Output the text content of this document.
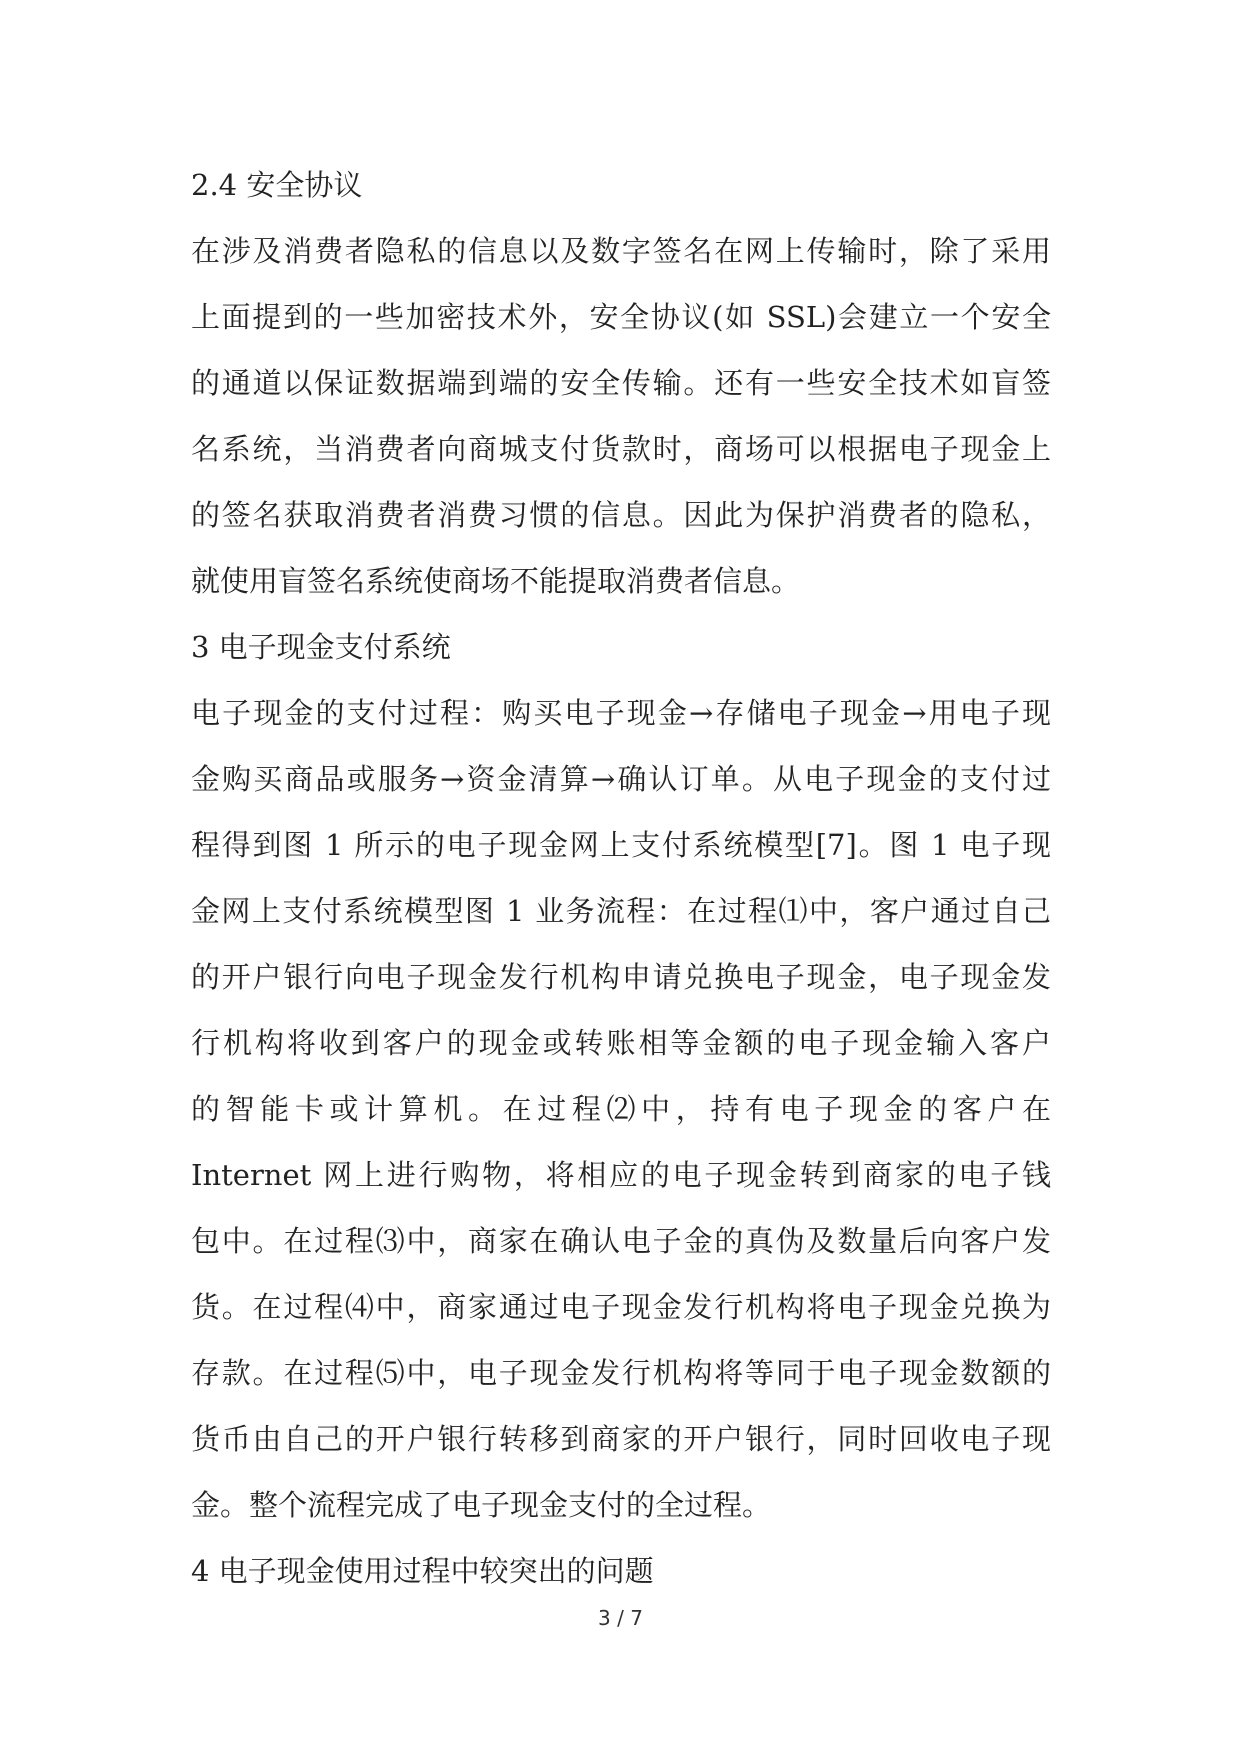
2.4 安全协议
在涉及消费者隐私的信息以及数字签名在网上传输时，除了采用
上面提到的一些加密技术外，安全协议(如 SSL)会建立一个安全
的通道以保证数据端到端的安全传输。还有一些安全技术如盲签
名系统，当消费者向商城支付货款时，商场可以根据电子现金上
的签名获取消费者消费习惯的信息。因此为保护消费者的隐私，
就使用盲签名系统使商场不能提取消费者信息。
3 电子现金支付系统
电子现金的支付过程：购买电子现金→存储电子现金→用电子现
金购买商品或服务→资金清算→确认订单。从电子现金的支付过
程得到图 1 所示的电子现金网上支付系统模型[7]。图 1 电子现
金网上支付系统模型图 1 业务流程：在过程⑴中，客户通过自己
的开户银行向电子现金发行机构申请兑换电子现金，电子现金发
行机构将收到客户的现金或转账相等金额的电子现金输入客户
的智能卡或计算机。在过程⑵中，持有电子现金的客户在
Internet 网上进行购物，将相应的电子现金转到商家的电子钱
包中。在过程⑶中，商家在确认电子金的真伪及数量后向客户发
货。在过程⑷中，商家通过电子现金发行机构将电子现金兑换为
存款。在过程⑸中，电子现金发行机构将等同于电子现金数额的
货币由自己的开户银行转移到商家的开户银行，同时回收电子现
金。整个流程完成了电子现金支付的全过程。
4 电子现金使用过程中较突出的问题
3 / 7
